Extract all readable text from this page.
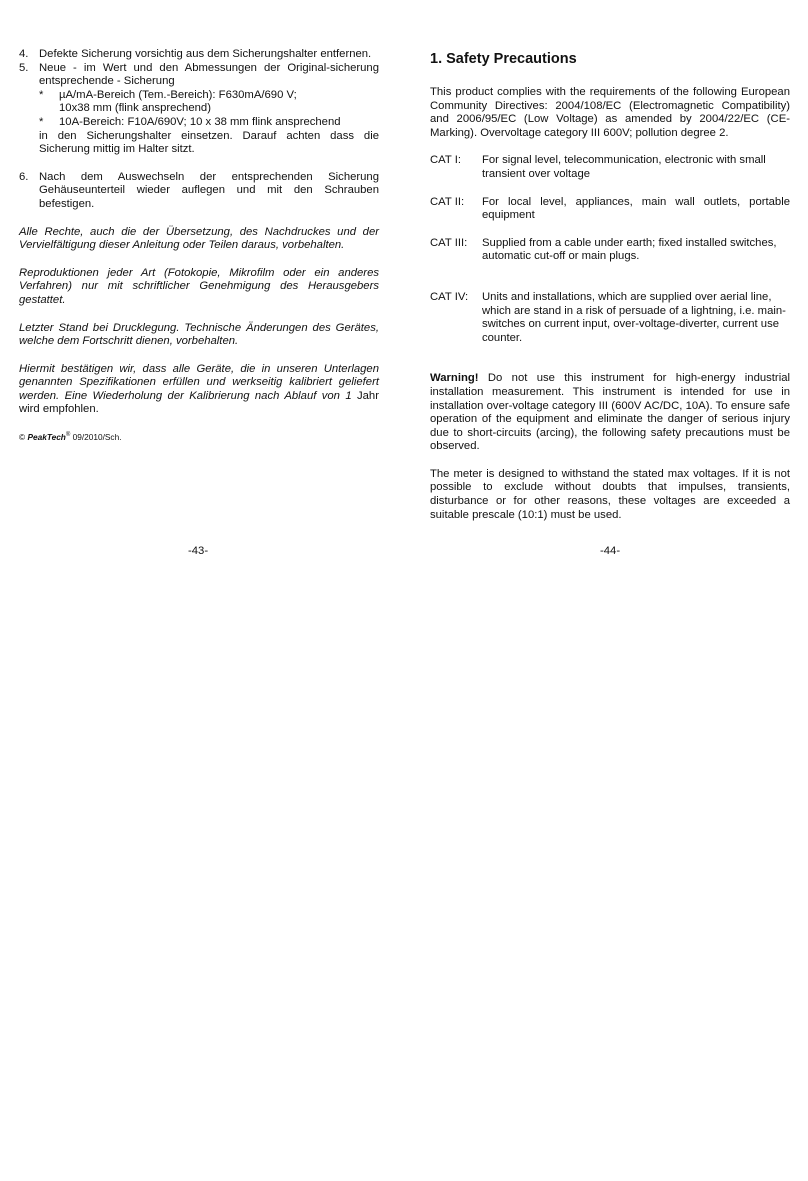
4. Defekte Sicherung vorsichtig aus dem Sicherungshalter entfernen.
5. Neue - im Wert und den Abmessungen der Original-sicherung entsprechende - Sicherung

*	µA/mA-Bereich (Tem.-Bereich): F630mA/690 V;
10x38 mm (flink ansprechend)
*	10A-Bereich: F10A/690V; 10 x 38 mm flink ansprechend

in den Sicherungshalter einsetzen. Darauf achten dass die Sicherung mittig im Halter sitzt.

6. Nach dem Auswechseln der entsprechenden Sicherung Gehäuseunterteil wieder auflegen und mit den Schrauben befestigen.

Alle Rechte, auch die der Übersetzung, des Nachdruckes und der Vervielfältigung dieser Anleitung oder Teilen daraus, vorbehalten.

Reproduktionen jeder Art (Fotokopie, Mikrofilm oder ein anderes Verfahren) nur mit schriftlicher Genehmigung des Herausgebers gestattet.

Letzter Stand bei Drucklegung. Technische Änderungen des Gerätes, welche dem Fortschritt dienen, vorbehalten.

Hiermit bestätigen wir, dass alle Geräte, die in unseren Unterlagen genannten Spezifikationen erfüllen und werkseitig kalibriert geliefert werden. Eine Wiederholung der Kalibrierung nach Ablauf von 1 Jahr wird empfohlen.

© PeakTech® 09/2010/Sch.
1. Safety Precautions

This product complies with the requirements of the following European Community Directives: 2004/108/EC (Electromagnetic Compatibility) and 2006/95/EC (Low Voltage) as amended by 2004/22/EC (CE-Marking). Overvoltage category III 600V; pollution degree 2.

CAT I:	For signal level, telecommunication, electronic with small transient over voltage
CAT II:	For local level, appliances, main wall outlets, portable equipment
CAT III:	Supplied from a cable under earth; fixed installed switches, automatic cut-off or main plugs.
CAT IV:	Units and installations, which are supplied over aerial line, which are stand in a risk of persuade of a lightning, i.e. main-switches on current input, over-voltage-diverter, current use counter.

Warning! Do not use this instrument for high-energy industrial installation measurement. This instrument is intended for use in installation over-voltage category III (600V AC/DC, 10A). To ensure safe operation of the equipment and eliminate the danger of serious injury due to short-circuits (arcing), the following safety precautions must be observed.

The meter is designed to withstand the stated max voltages. If it is not possible to exclude without doubts that impulses, transients, disturbance or for other reasons, these voltages are exceeded a suitable prescale (10:1) must be used.

-43-	-44-
